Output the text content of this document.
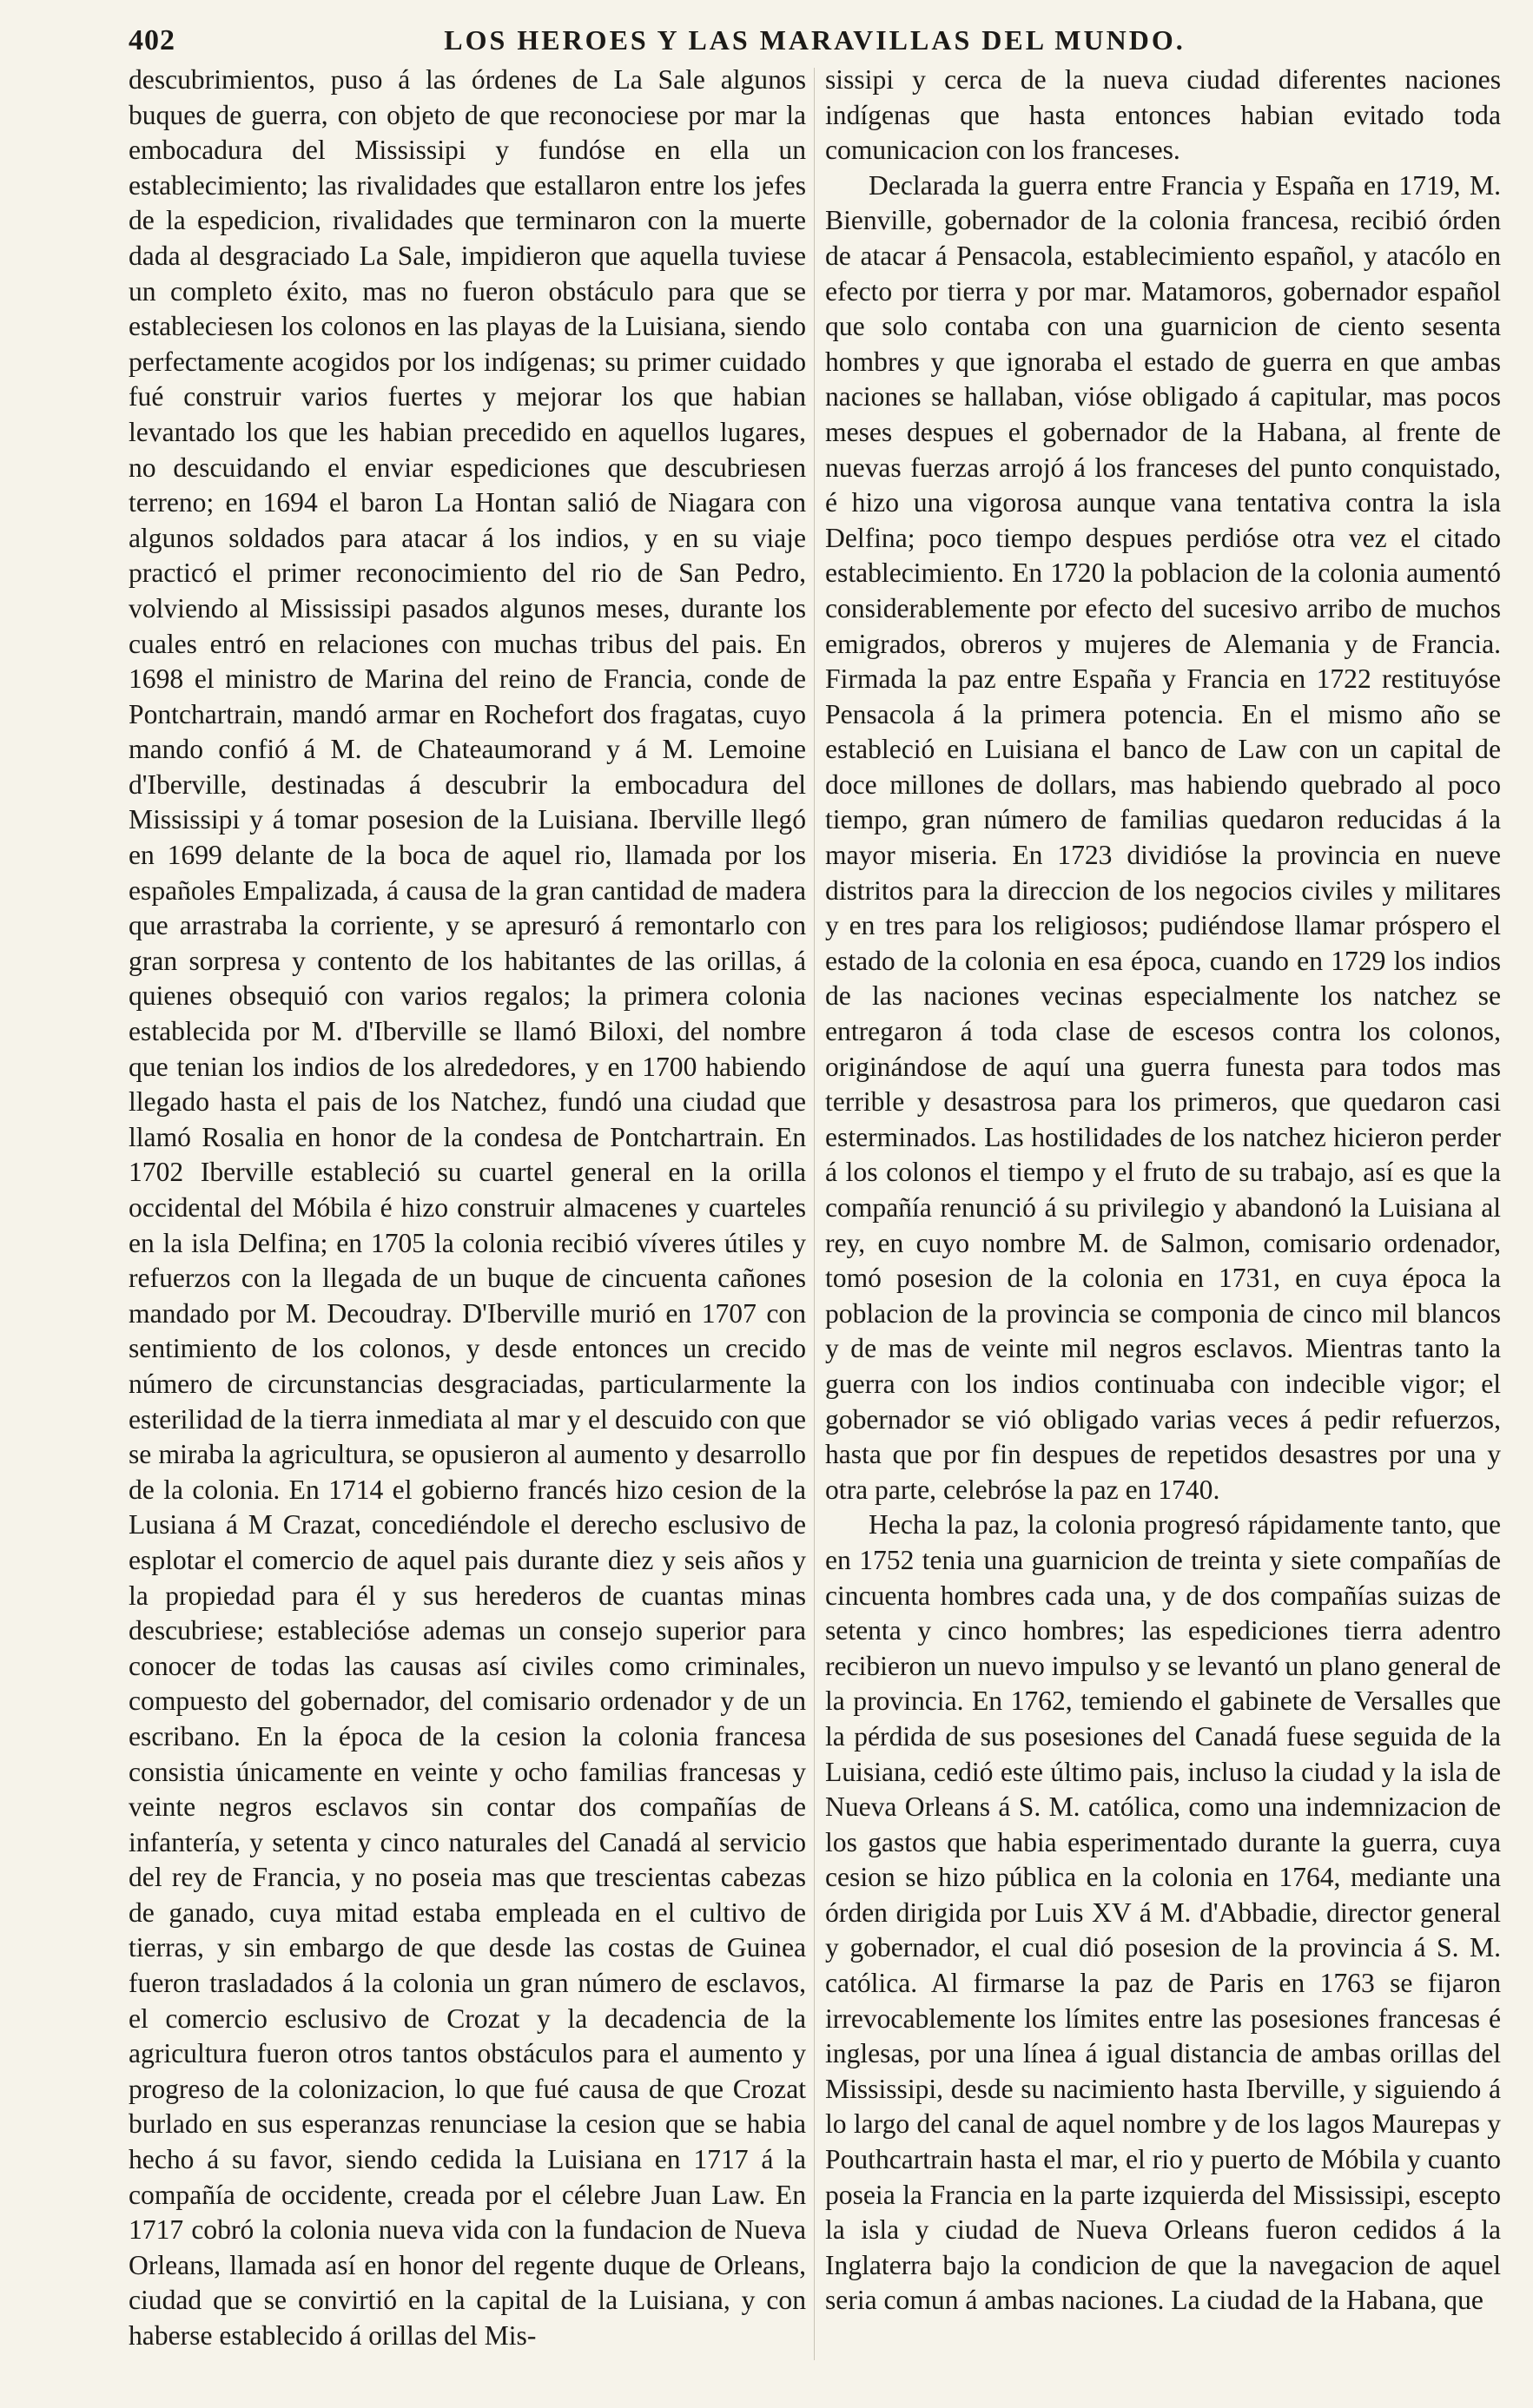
LOS HEROES Y LAS MARAVILLAS DEL MUNDO.
402

descubrimientos, puso á las órdenes de La Sale algunos buques de guerra, con objeto de que reconociese por mar la embocadura del Mississipi y fundóse en ella un establecimiento; las rivalidades que estallaron entre los jefes de la espedicion, rivalidades que terminaron con la muerte dada al desgraciado La Sale, impidieron que aquella tuviese un completo éxito, mas no fueron obstáculo para que se estableciesen los colonos en las playas de la Luisiana, siendo perfectamente acogidos por los indígenas; su primer cuidado fué construir varios fuertes y mejorar los que habian levantado los que les habian precedido en aquellos lugares, no descuidando el enviar espediciones que descubriesen terreno; en 1694 el baron La Hontan salió de Niagara con algunos soldados para atacar á los indios, y en su viaje practicó el primer reconocimiento del rio de San Pedro, volviendo al Mississipi pasados algunos meses, durante los cuales entró en relaciones con muchas tribus del pais. En 1698 el ministro de Marina del reino de Francia, conde de Pontchartrain, mandó armar en Rochefort dos fragatas, cuyo mando confió á M. de Chateaumorand y á M. Lemoine d'Iberville, destinadas á descubrir la embocadura del Mississipi y á tomar posesion de la Luisiana. Iberville llegó en 1699 delante de la boca de aquel rio, llamada por los españoles Empalizada, á causa de la gran cantidad de madera que arrastraba la corriente, y se apresuró á remontarlo con gran sorpresa y contento de los habitantes de las orillas, á quienes obsequió con varios regalos; la primera colonia establecida por M. d'Iberville se llamó Biloxi, del nombre que tenian los indios de los alrededores, y en 1700 habiendo llegado hasta el pais de los Natchez, fundó una ciudad que llamó Rosalia en honor de la condesa de Pontchartrain. En 1702 Iberville estableció su cuartel general en la orilla occidental del Móbila é hizo construir almacenes y cuarteles en la isla Delfina; en 1705 la colonia recibió víveres útiles y refuerzos con la llegada de un buque de cincuenta cañones mandado por M. Decoudray. D'Iberville murió en 1707 con sentimiento de los colonos, y desde entonces un crecido número de circunstancias desgraciadas, particularmente la esterilidad de la tierra inmediata al mar y el descuido con que se miraba la agricultura, se opusieron al aumento y desarrollo de la colonia. En 1714 el gobierno francés hizo cesion de la Lusiana á M Crazat, concediéndole el derecho esclusivo de esplotar el comercio de aquel pais durante diez y seis años y la propiedad para él y sus herederos de cuantas minas descubriese; establecióse ademas un consejo superior para conocer de todas las causas así civiles como criminales, compuesto del gobernador, del comisario ordenador y de un escribano. En la época de la cesion la colonia francesa consistia únicamente en veinte y ocho familias francesas y veinte negros esclavos sin contar dos compañías de infantería, y setenta y cinco naturales del Canadá al servicio del rey de Francia, y no poseia mas que trescientas cabezas de ganado, cuya mitad estaba empleada en el cultivo de tierras, y sin embargo de que desde las costas de Guinea fueron trasladados á la colonia un gran número de esclavos, el comercio esclusivo de Crozat y la decadencia de la agricultura fueron otros tantos obstáculos para el aumento y progreso de la colonizacion, lo que fué causa de que Crozat burlado en sus esperanzas renunciase la cesion que se habia hecho á su favor, siendo cedida la Luisiana en 1717 á la compañía de occidente, creada por el célebre Juan Law. En 1717 cobró la colonia nueva vida con la fundacion de Nueva Orleans, llamada así en honor del regente duque de Orleans, ciudad que se convirtió en la capital de la Luisiana, y con haberse establecido á orillas del Mis-

sissipi y cerca de la nueva ciudad diferentes naciones indígenas que hasta entonces habian evitado toda comunicacion con los franceses.

Declarada la guerra entre Francia y España en 1719, M. Bienville, gobernador de la colonia francesa, recibió órden de atacar á Pensacola, establecimiento español, y atacólo en efecto por tierra y por mar. Matamoros, gobernador español que solo contaba con una guarnicion de ciento sesenta hombres y que ignoraba el estado de guerra en que ambas naciones se hallaban, vióse obligado á capitular, mas pocos meses despues el gobernador de la Habana, al frente de nuevas fuerzas arrojó á los franceses del punto conquistado, é hizo una vigorosa aunque vana tentativa contra la isla Delfina; poco tiempo despues perdióse otra vez el citado establecimiento. En 1720 la poblacion de la colonia aumentó considerablemente por efecto del sucesivo arribo de muchos emigrados, obreros y mujeres de Alemania y de Francia. Firmada la paz entre España y Francia en 1722 restituyóse Pensacola á la primera potencia. En el mismo año se estableció en Luisiana el banco de Law con un capital de doce millones de dollars, mas habiendo quebrado al poco tiempo, gran número de familias quedaron reducidas á la mayor miseria. En 1723 dividióse la provincia en nueve distritos para la direccion de los negocios civiles y militares y en tres para los religiosos; pudiéndose llamar próspero el estado de la colonia en esa época, cuando en 1729 los indios de las naciones vecinas especialmente los natchez se entregaron á toda clase de escesos contra los colonos, originándose de aquí una guerra funesta para todos mas terrible y desastrosa para los primeros, que quedaron casi esterminados. Las hostilidades de los natchez hicieron perder á los colonos el tiempo y el fruto de su trabajo, así es que la compañía renunció á su privilegio y abandonó la Luisiana al rey, en cuyo nombre M. de Salmon, comisario ordenador, tomó posesion de la colonia en 1731, en cuya época la poblacion de la provincia se componia de cinco mil blancos y de mas de veinte mil negros esclavos. Mientras tanto la guerra con los indios continuaba con indecible vigor; el gobernador se vió obligado varias veces á pedir refuerzos, hasta que por fin despues de repetidos desastres por una y otra parte, celebróse la paz en 1740.

Hecha la paz, la colonia progresó rápidamente tanto, que en 1752 tenia una guarnicion de treinta y siete compañías de cincuenta hombres cada una, y de dos compañías suizas de setenta y cinco hombres; las espediciones tierra adentro recibieron un nuevo impulso y se levantó un plano general de la provincia. En 1762, temiendo el gabinete de Versalles que la pérdida de sus posesiones del Canadá fuese seguida de la Luisiana, cedió este último pais, incluso la ciudad y la isla de Nueva Orleans á S. M. católica, como una indemnizacion de los gastos que habia esperimentado durante la guerra, cuya cesion se hizo pública en la colonia en 1764, mediante una órden dirigida por Luis XV á M. d'Abbadie, director general y gobernador, el cual dió posesion de la provincia á S. M. católica. Al firmarse la paz de Paris en 1763 se fijaron irrevocablemente los límites entre las posesiones francesas é inglesas, por una línea á igual distancia de ambas orillas del Mississipi, desde su nacimiento hasta Iberville, y siguiendo á lo largo del canal de aquel nombre y de los lagos Maurepas y Pouthcartrain hasta el mar, el rio y puerto de Móbila y cuanto poseia la Francia en la parte izquierda del Mississipi, escepto la isla y ciudad de Nueva Orleans fueron cedidos á la Inglaterra bajo la condicion de que la navegacion de aquel seria comun á ambas naciones. La ciudad de la Habana, que
